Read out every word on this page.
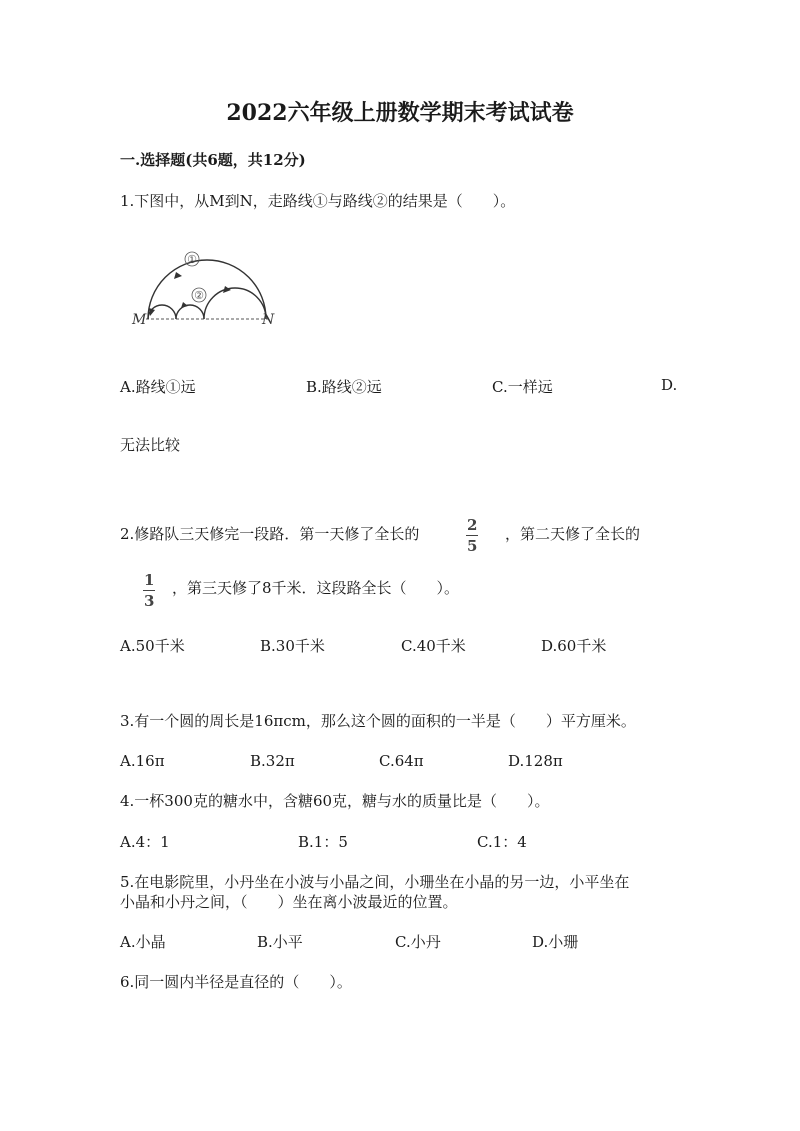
2022六年级上册数学期末考试试卷
一.选择题(共6题，共12分)
1.下图中，从M到N，走路线①与路线②的结果是（　　）。
①
②
M	N
A.路线①远	B.路线②远	C.一样远	D.
无法比较
2.修路队三天修完一段路．第一天修了全长的	$\frac{2}{5}$ ，第二天修了全长的
$\frac{1}{3}$ ，第三天修了8千米．这段路全长（　　）。
A.50千米	B.30千米	C.40千米	D.60千米
3.有一个圆的周长是16πcm，那么这个圆的面积的一半是（　　）平方厘米。
A.16π	B.32π	C.64π	D.128π
4.一杯300克的糖水中，含糖60克，糖与水的质量比是（　　）。
A.4：1	B.1：5	C.1：4
5.在电影院里，小丹坐在小波与小晶之间，小珊坐在小晶的另一边，小平坐在
小晶和小丹之间，（　　）坐在离小波最近的位置。
A.小晶	B.小平	C.小丹	D.小珊
6.同一圆内半径是直径的（　　）。
